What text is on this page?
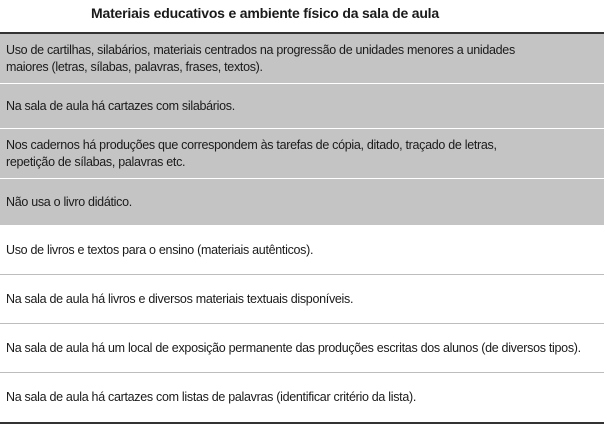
Materiais educativos e ambiente físico da sala de aula
Uso de cartilhas, silabários, materiais centrados na progressão de unidades menores a unidades
maiores (letras, sílabas, palavras, frases, textos).
Na sala de aula há cartazes com silabários.
Nos cadernos há produções que correspondem às tarefas de cópia, ditado, traçado de letras,
repetição de sílabas, palavras etc.
Não usa o livro didático.
Uso de livros e textos para o ensino (materiais autênticos).
Na sala de aula há livros e diversos materiais textuais disponíveis.
Na sala de aula há um local de exposição permanente das produções escritas dos alunos (de diversos tipos).
Na sala de aula há cartazes com listas de palavras (identificar critério da lista).
